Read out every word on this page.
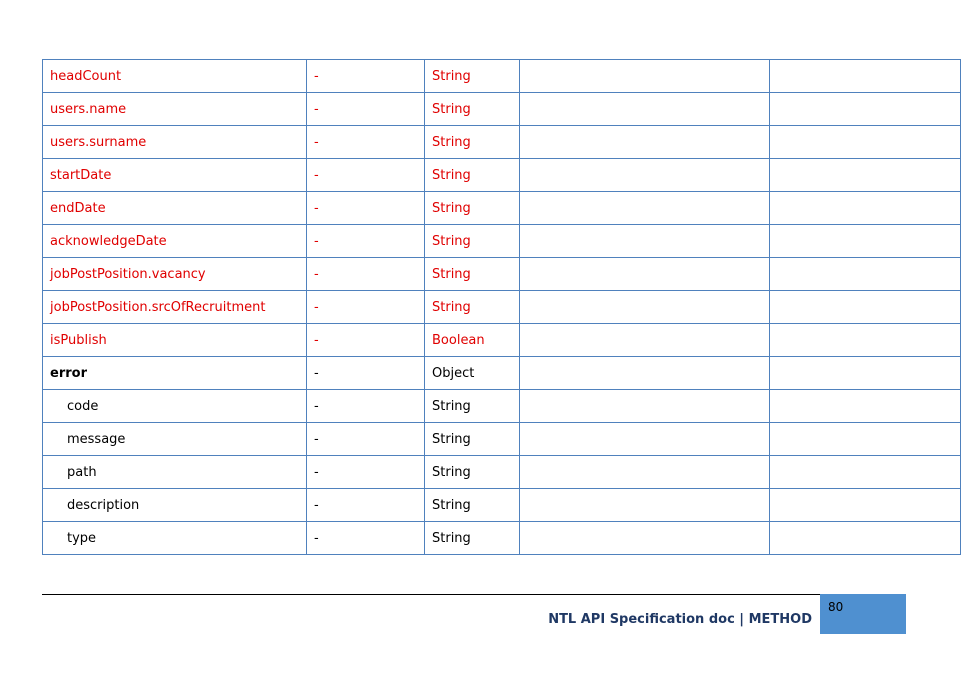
headCount	-	String		
users.name	-	String		
users.surname	-	String		
startDate	-	String		
endDate	-	String		
acknowledgeDate	-	String		
jobPostPosition.vacancy	-	String		
jobPostPosition.srcOfRecruitment	-	String		
isPublish	-	Boolean		
error	-	Object		
code	-	String		
message	-	String		
path	-	String		
description	-	String		
type	-	String		
NTL API Specification doc | METHOD
80
